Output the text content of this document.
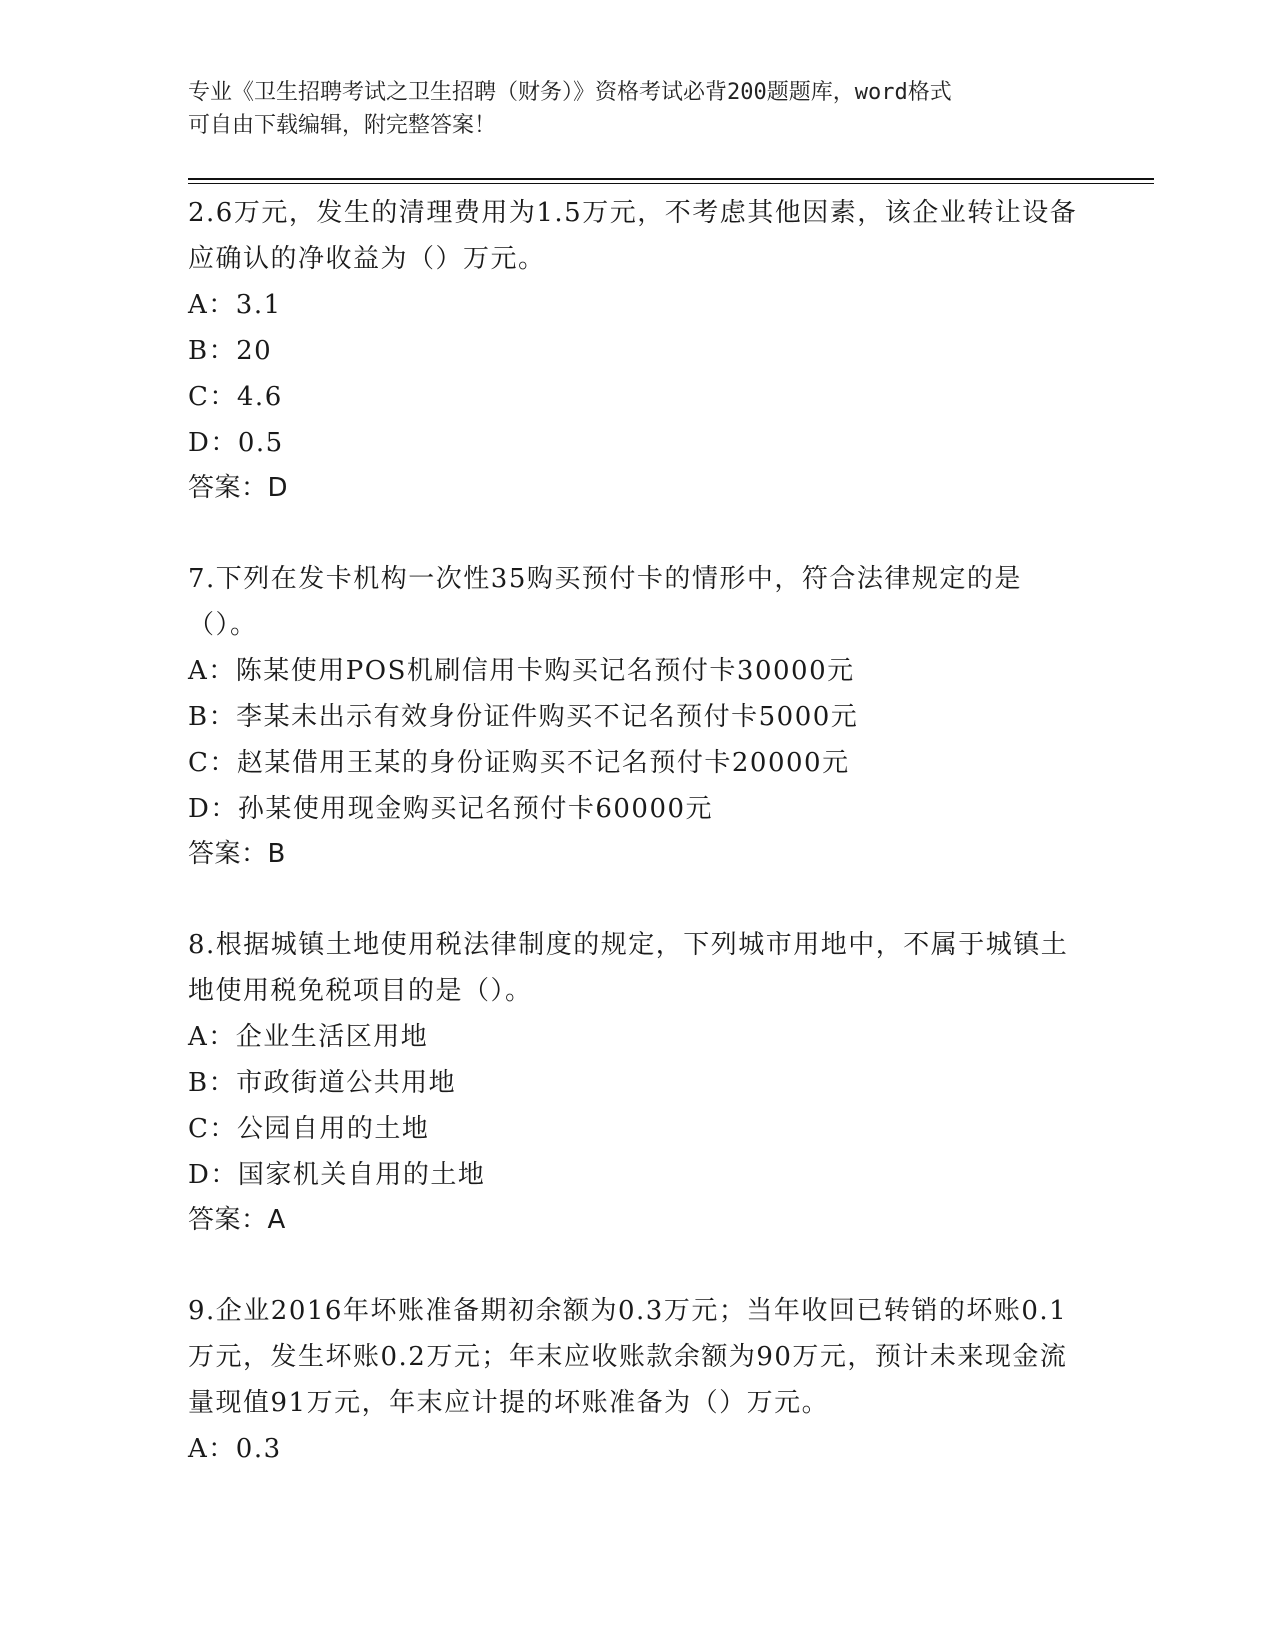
专业《卫生招聘考试之卫生招聘（财务）》资格考试必背200题题库，word格式
可自由下载编辑，附完整答案！

2.6万元，发生的清理费用为1.5万元，不考虑其他因素，该企业转让设备应确认的净收益为（）万元。

A：3.1

B：20

C：4.6

D：0.5

答案：D

7.下列在发卡机构一次性35购买预付卡的情形中，符合法律规定的是（）。

A：陈某使用POS机刷信用卡购买记名预付卡30000元

B：李某未出示有效身份证件购买不记名预付卡5000元

C：赵某借用王某的身份证购买不记名预付卡20000元

D：孙某使用现金购买记名预付卡60000元

答案：B

8.根据城镇土地使用税法律制度的规定，下列城市用地中，不属于城镇土地使用税免税项目的是（）。

A：企业生活区用地

B：市政街道公共用地

C：公园自用的土地

D：国家机关自用的土地

答案：A

9.企业2016年坏账准备期初余额为0.3万元；当年收回已转销的坏账0.1万元，发生坏账0.2万元；年末应收账款余额为90万元，预计未来现金流量现值91万元，年末应计提的坏账准备为（）万元。

A：0.3
